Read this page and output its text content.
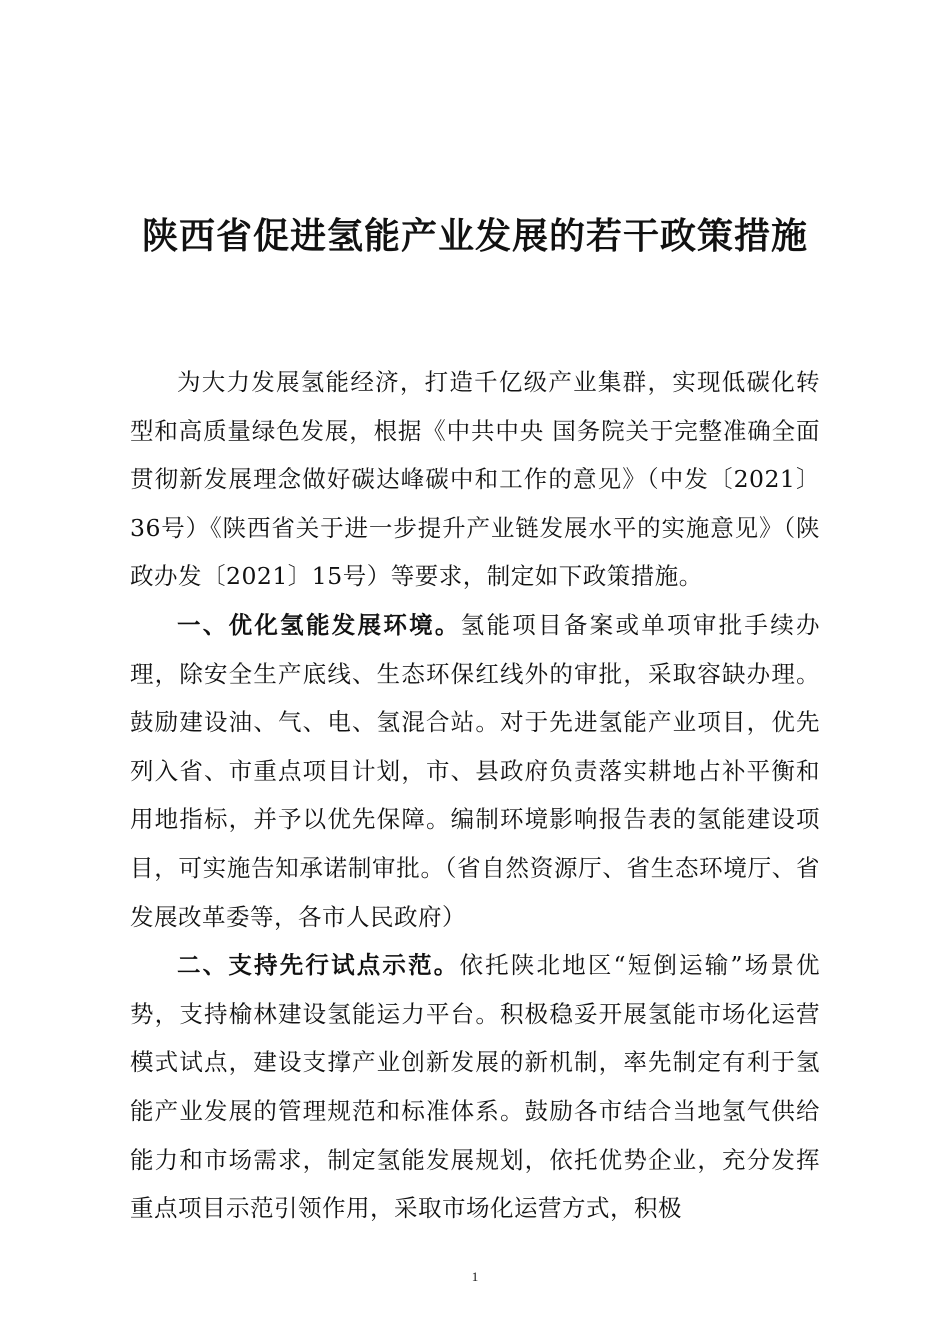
陕西省促进氢能产业发展的若干政策措施

为大力发展氢能经济，打造千亿级产业集群，实现低碳化转型和高质量绿色发展，根据《中共中央 国务院关于完整准确全面贯彻新发展理念做好碳达峰碳中和工作的意见》（中发〔2021〕36号）《陕西省关于进一步提升产业链发展水平的实施意见》（陕政办发〔2021〕15号）等要求，制定如下政策措施。

一、优化氢能发展环境。氢能项目备案或单项审批手续办理，除安全生产底线、生态环保红线外的审批，采取容缺办理。鼓励建设油、气、电、氢混合站。对于先进氢能产业项目，优先列入省、市重点项目计划，市、县政府负责落实耕地占补平衡和用地指标，并予以优先保障。编制环境影响报告表的氢能建设项目，可实施告知承诺制审批。（省自然资源厅、省生态环境厅、省发展改革委等，各市人民政府）

二、支持先行试点示范。依托陕北地区“短倒运输”场景优势，支持榆林建设氢能运力平台。积极稳妥开展氢能市场化运营模式试点，建设支撑产业创新发展的新机制，率先制定有利于氢能产业发展的管理规范和标准体系。鼓励各市结合当地氢气供给能力和市场需求，制定氢能发展规划，依托优势企业，充分发挥重点项目示范引领作用，采取市场化运营方式，积极

1
